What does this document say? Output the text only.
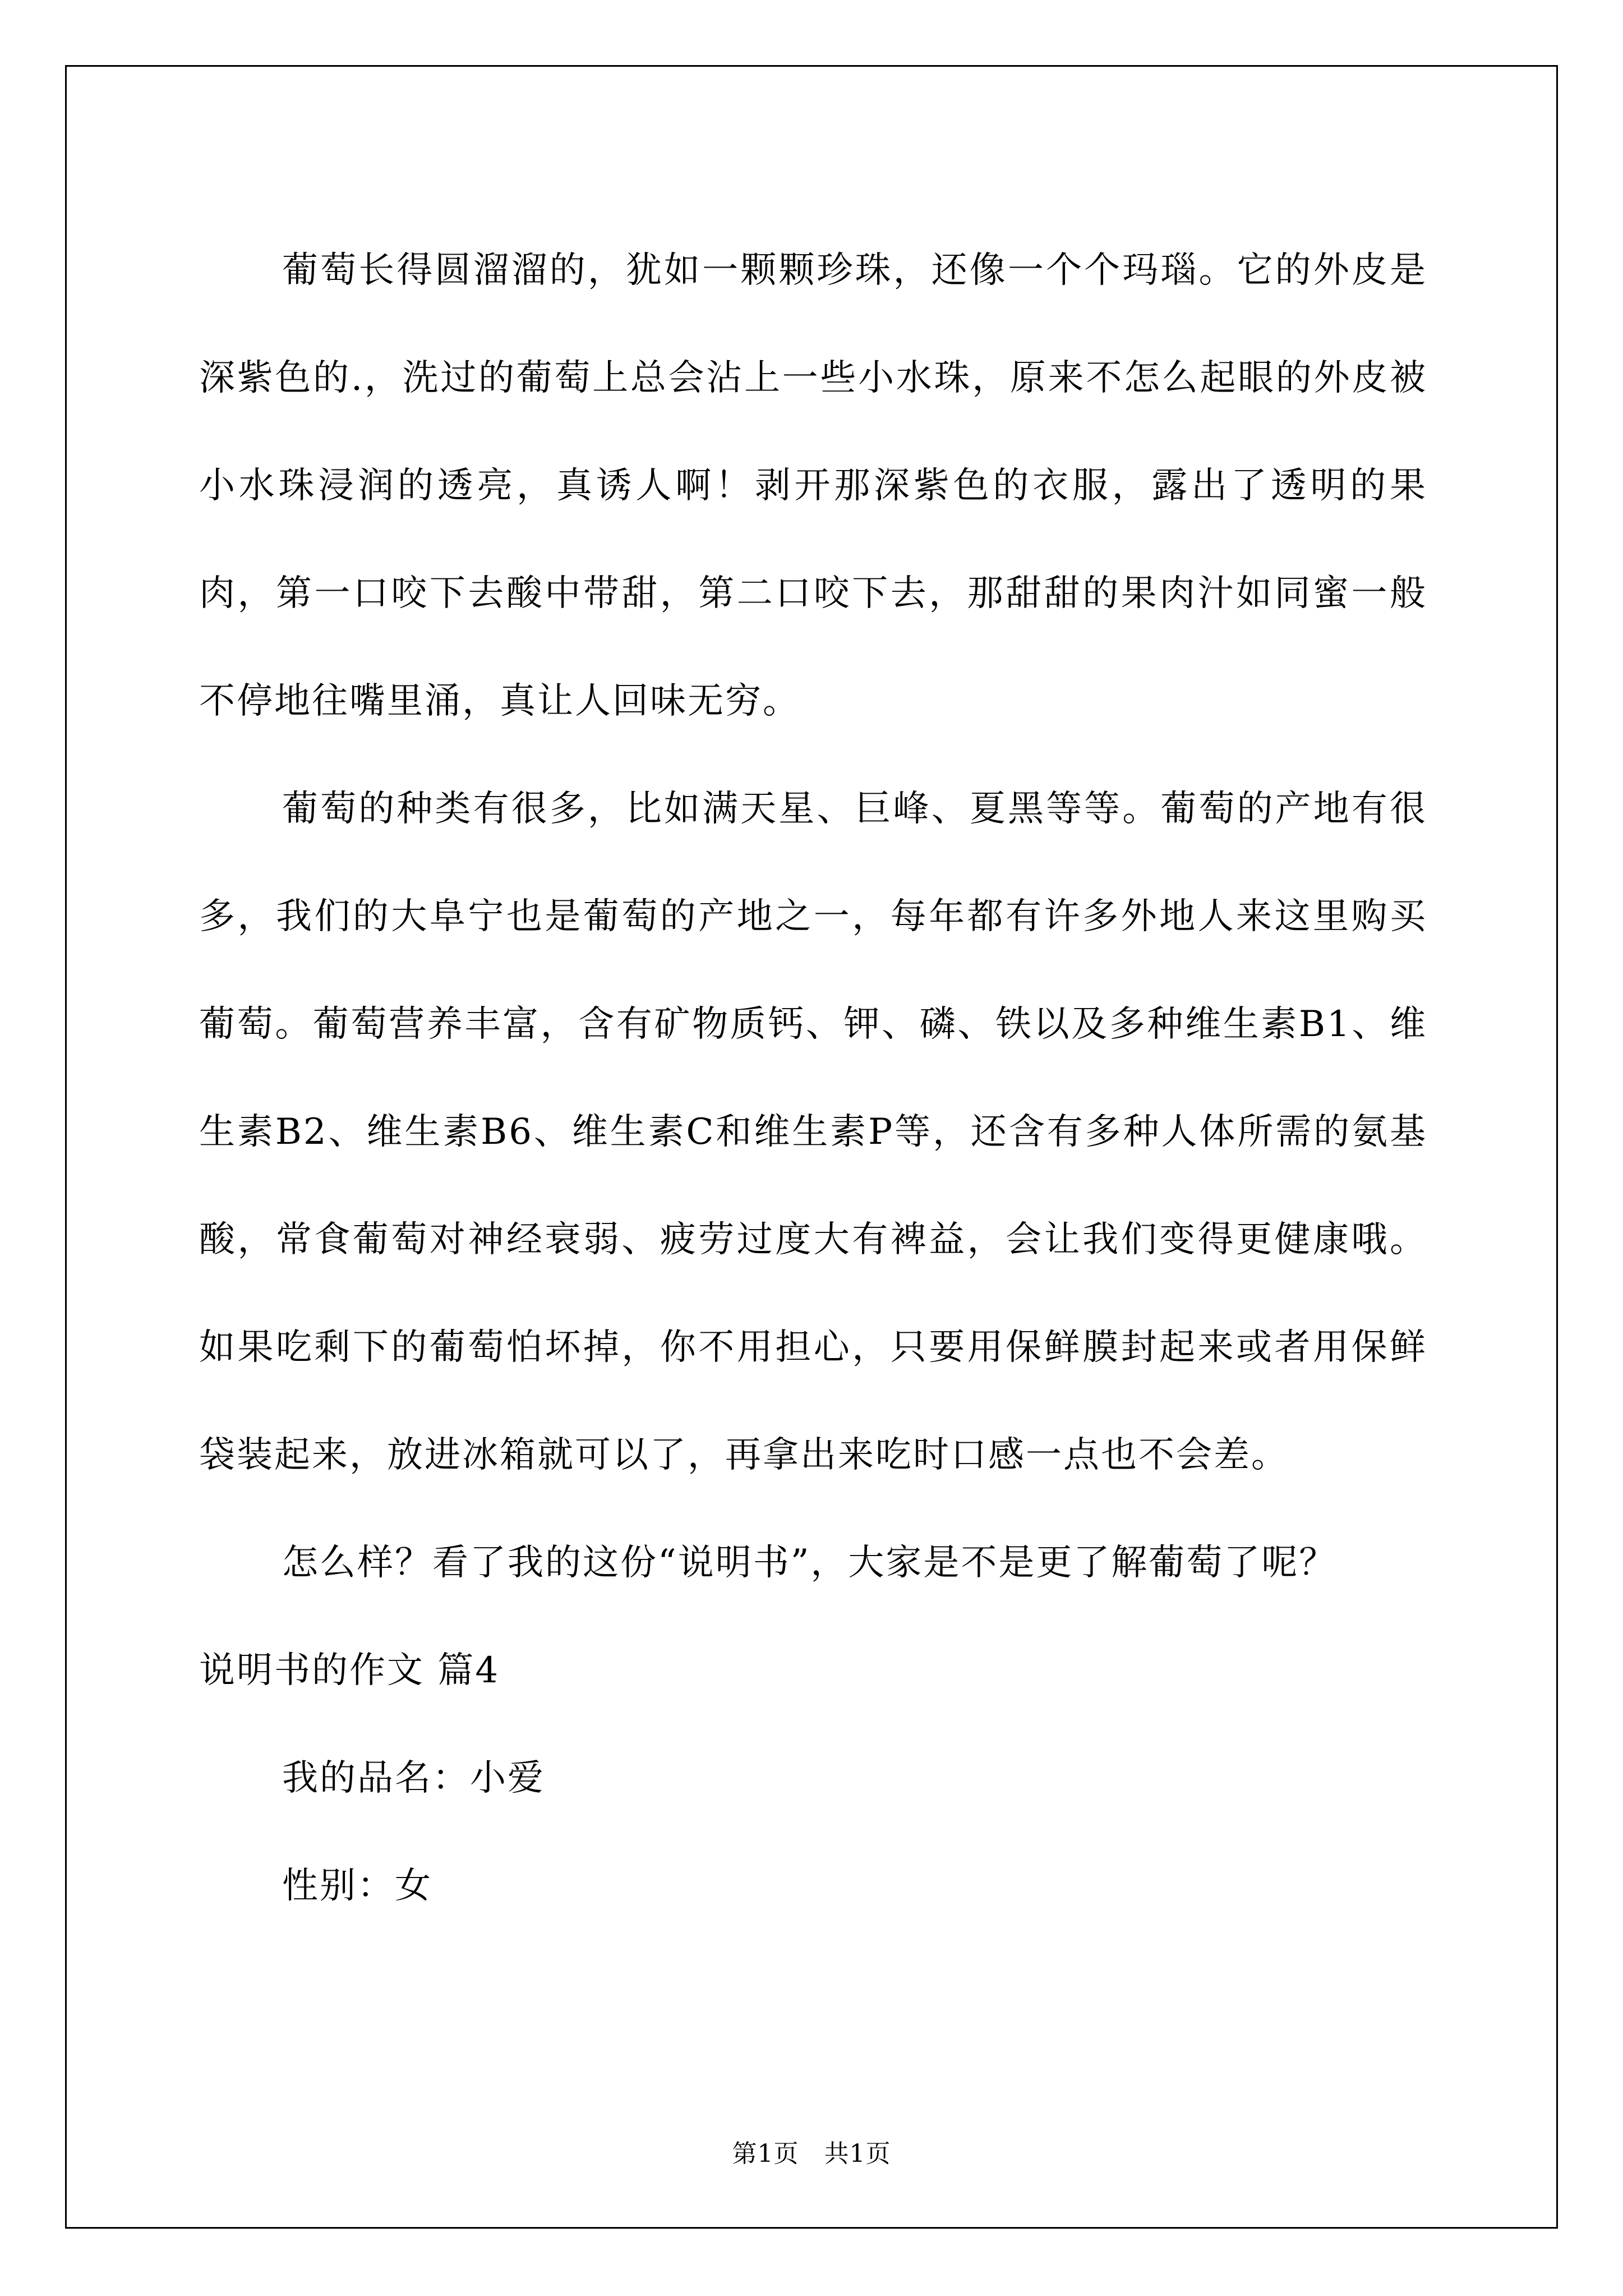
葡萄长得圆溜溜的，犹如一颗颗珍珠，还像一个个玛瑙。它的外皮是深紫色的.，洗过的葡萄上总会沾上一些小水珠，原来不怎么起眼的外皮被小水珠浸润的透亮，真诱人啊！剥开那深紫色的衣服，露出了透明的果肉，第一口咬下去酸中带甜，第二口咬下去，那甜甜的果肉汁如同蜜一般不停地往嘴里涌，真让人回味无穷。

葡萄的种类有很多，比如满天星、巨峰、夏黑等等。葡萄的产地有很多，我们的大阜宁也是葡萄的产地之一，每年都有许多外地人来这里购买葡萄。葡萄营养丰富，含有矿物质钙、钾、磷、铁以及多种维生素B1、维生素B2、维生素B6、维生素C和维生素P等，还含有多种人体所需的氨基酸，常食葡萄对神经衰弱、疲劳过度大有裨益，会让我们变得更健康哦。如果吃剩下的葡萄怕坏掉，你不用担心，只要用保鲜膜封起来或者用保鲜袋装起来，放进冰箱就可以了，再拿出来吃时口感一点也不会差。

怎么样？看了我的这份“说明书”，大家是不是更了解葡萄了呢？

说明书的作文 篇4

我的品名：小爱

性别：女

第1页   共1页
